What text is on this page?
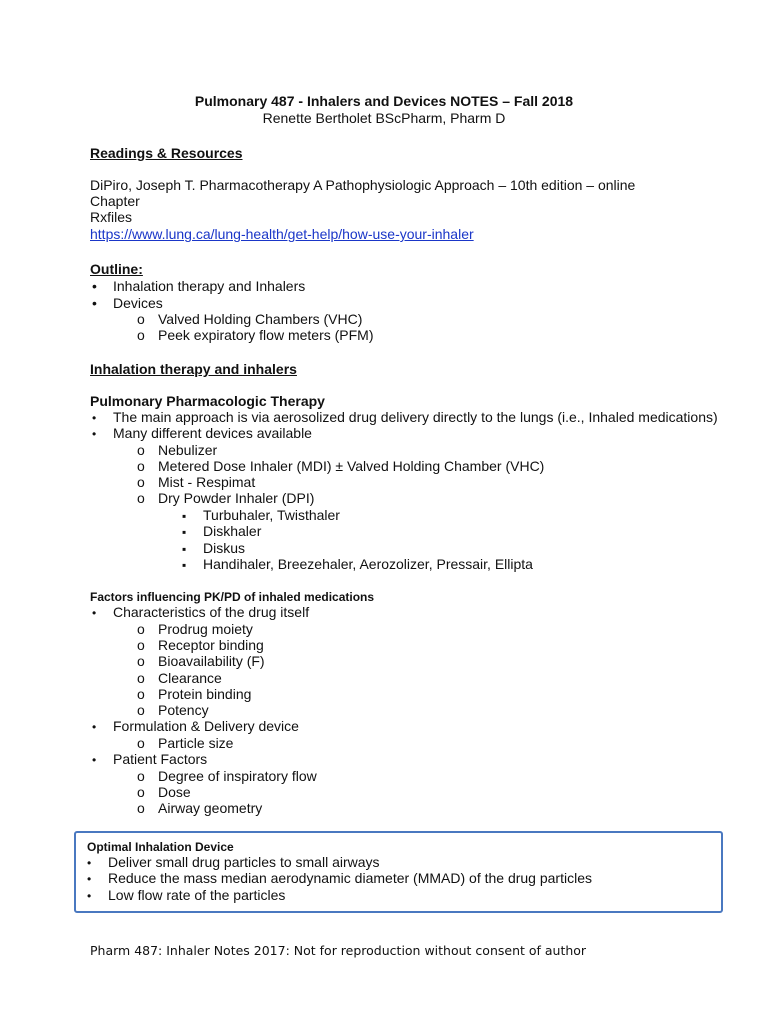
Pulmonary 487 - Inhalers and Devices NOTES – Fall 2018
Renette Bertholet BScPharm, Pharm D
Readings & Resources
DiPiro, Joseph T. Pharmacotherapy A Pathophysiologic Approach – 10th edition – online
Chapter
Rxfiles
https://www.lung.ca/lung-health/get-help/how-use-your-inhaler
Outline:
• Inhalation therapy and Inhalers
• Devices
o Valved Holding Chambers (VHC)
o Peek expiratory flow meters (PFM)
Inhalation therapy and inhalers
Pulmonary Pharmacologic Therapy
• The main approach is via aerosolized drug delivery directly to the lungs (i.e., Inhaled medications)
• Many different devices available
o Nebulizer
o Metered Dose Inhaler (MDI) ± Valved Holding Chamber (VHC)
o Mist - Respimat
o Dry Powder Inhaler (DPI)
▪ Turbuhaler, Twisthaler
▪ Diskhaler
▪ Diskus
▪ Handihaler, Breezehaler, Aerozolizer, Pressair, Ellipta
Factors influencing PK/PD of inhaled medications
• Characteristics of the drug itself
o Prodrug moiety
o Receptor binding
o Bioavailability (F)
o Clearance
o Protein binding
o Potency
• Formulation & Delivery device
o Particle size
• Patient Factors
o Degree of inspiratory flow
o Dose
o Airway geometry
Optimal Inhalation Device
• Deliver small drug particles to small airways
• Reduce the mass median aerodynamic diameter (MMAD) of the drug particles
• Low flow rate of the particles
Pharm 487: Inhaler Notes 2017: Not for reproduction without consent of author
